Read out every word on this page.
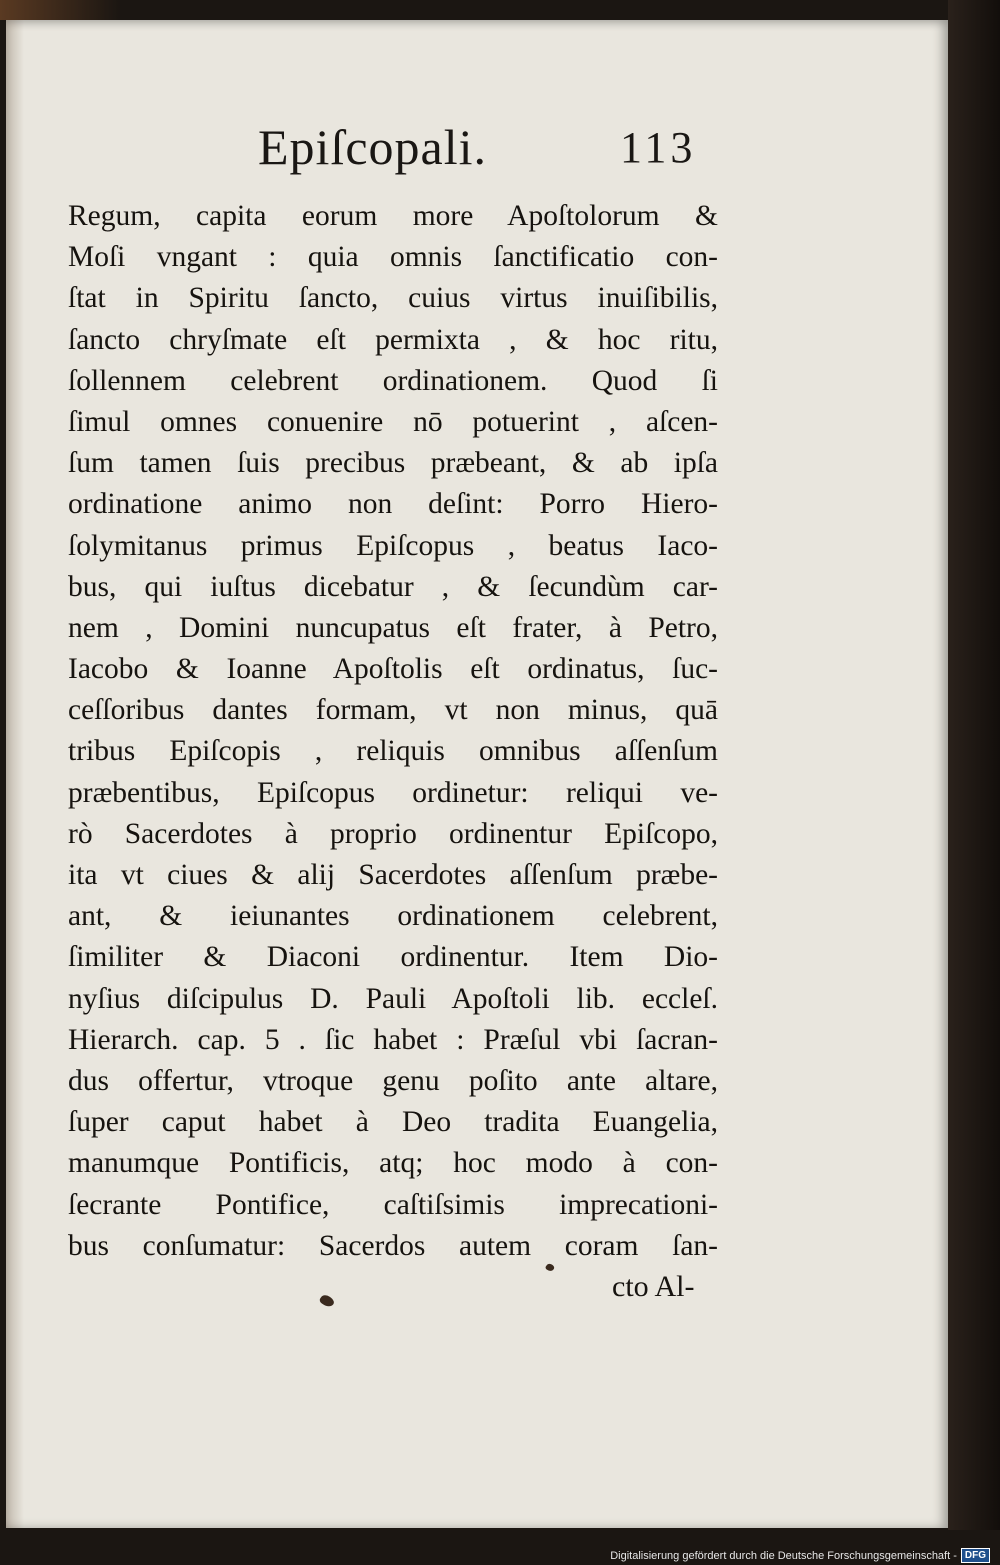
Epiſcopali.	113
Regum, capita eorum more Apoſtolorum &
Moſi vngant : quia omnis ſanctificatio con-
ſtat in Spiritu ſancto, cuius virtus inuiſibilis,
ſancto chryſmate eſt permixta , & hoc ritu,
ſollennem celebrent ordinationem. Quod ſi
ſimul omnes conuenire nō potuerint , aſcen-
ſum tamen ſuis precibus præbeant, & ab ipſa
ordinatione animo non deſint: Porro Hiero-
ſolymitanus primus Epiſcopus , beatus Iaco-
bus, qui iuſtus dicebatur , & ſecundùm car-
nem , Domini nuncupatus eſt frater, à Petro,
Iacobo & Ioanne Apoſtolis eſt ordinatus, ſuc-
ceſſoribus dantes formam, vt non minus, quā
tribus Epiſcopis , reliquis omnibus aſſenſum
præbentibus, Epiſcopus ordinetur: reliqui ve-
rò Sacerdotes à proprio ordinentur Epiſcopo,
ita vt ciues & alij Sacerdotes aſſenſum præbe-
ant, & ieiunantes ordinationem celebrent,
ſimiliter & Diaconi ordinentur. Item Dio-
nyſius diſcipulus D. Pauli Apoſtoli lib. eccleſ.
Hierarch. cap. 5 . ſic habet : Præſul vbi ſacran-
dus offertur, vtroque genu poſito ante altare,
ſuper caput habet à Deo tradita Euangelia,
manumque Pontificis, atq; hoc modo à con-
ſecrante Pontifice, caſtiſsimis imprecationi-
bus conſumatur: Sacerdos autem coram ſan-
cto Al-
Digitalisierung gefördert durch die Deutsche Forschungsgemeinschaft - DFG
